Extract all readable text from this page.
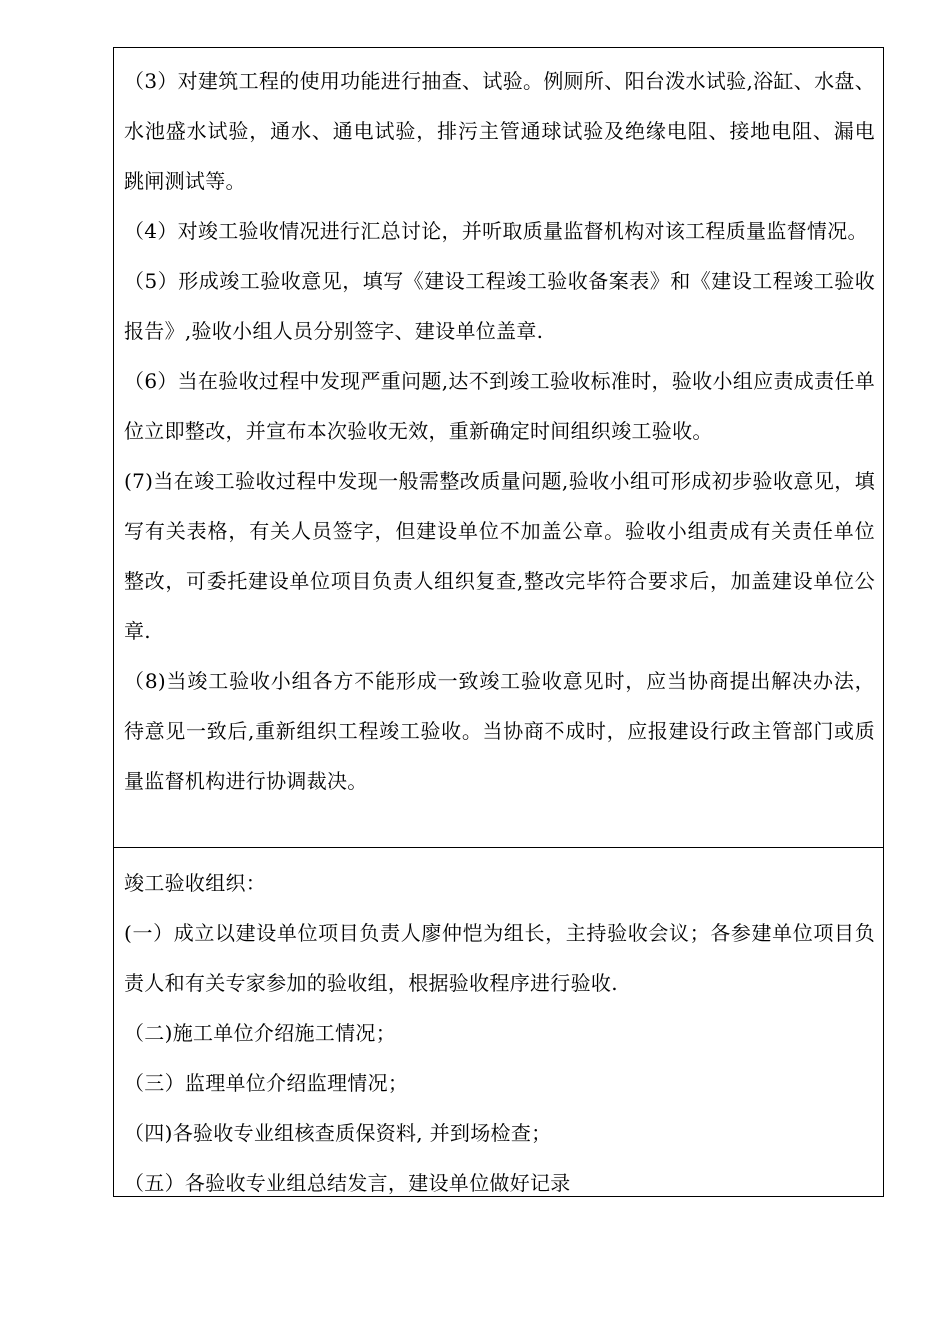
（3）对建筑工程的使用功能进行抽查、试验。例厕所、阳台泼水试验,浴缸、水盘、水池盛水试验，通水、通电试验，排污主管通球试验及绝缘电阻、接地电阻、漏电跳闸测试等。

（4）对竣工验收情况进行汇总讨论，并听取质量监督机构对该工程质量监督情况。

（5）形成竣工验收意见，填写《建设工程竣工验收备案表》和《建设工程竣工验收报告》,验收小组人员分别签字、建设单位盖章.

（6）当在验收过程中发现严重问题,达不到竣工验收标准时，验收小组应责成责任单位立即整改，并宣布本次验收无效，重新确定时间组织竣工验收。

(7)当在竣工验收过程中发现一般需整改质量问题,验收小组可形成初步验收意见，填写有关表格，有关人员签字，但建设单位不加盖公章。验收小组责成有关责任单位整改，可委托建设单位项目负责人组织复查,整改完毕符合要求后，加盖建设单位公章.

（8)当竣工验收小组各方不能形成一致竣工验收意见时，应当协商提出解决办法，待意见一致后,重新组织工程竣工验收。当协商不成时，应报建设行政主管部门或质量监督机构进行协调裁决。

竣工验收组织：

(一）成立以建设单位项目负责人廖仲恺为组长，主持验收会议；各参建单位项目负责人和有关专家参加的验收组，根据验收程序进行验收.

（二)施工单位介绍施工情况；

（三）监理单位介绍监理情况；

（四)各验收专业组核查质保资料, 并到场检查；

（五）各验收专业组总结发言，建设单位做好记录
